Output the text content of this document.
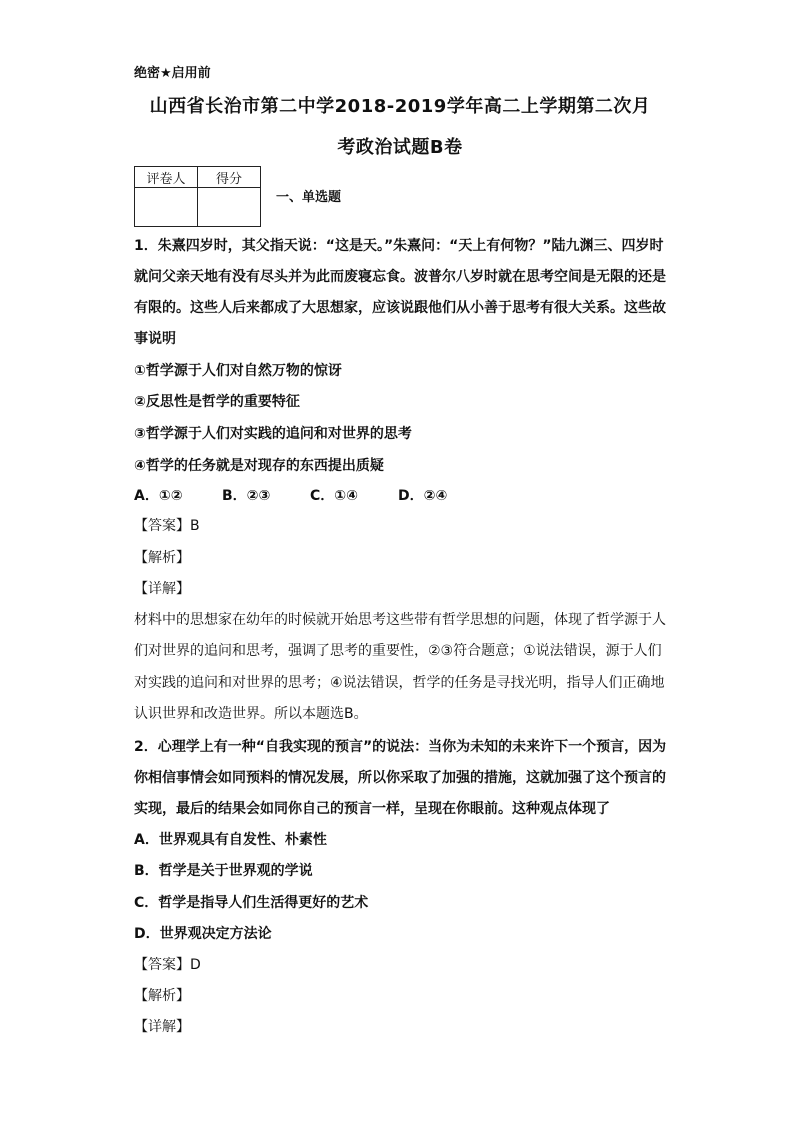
绝密★启用前
山西省长治市第二中学2018-2019学年高二上学期第二次月
考政治试题B卷
评卷人	得分

一、单选题
1．朱熹四岁时，其父指天说：“这是天。”朱熹问：“天上有何物？”陆九渊三、四岁时
就问父亲天地有没有尽头并为此而废寝忘食。波普尔八岁时就在思考空间是无限的还是
有限的。这些人后来都成了大思想家，应该说跟他们从小善于思考有很大关系。这些故
事说明
①哲学源于人们对自然万物的惊讶
②反思性是哲学的重要特征
③哲学源于人们对实践的追问和对世界的思考
④哲学的任务就是对现存的东西提出质疑
A．①②	B．②③	C．①④	D．②④
【答案】B
【解析】
【详解】
材料中的思想家在幼年的时候就开始思考这些带有哲学思想的问题，体现了哲学源于人
们对世界的追问和思考，强调了思考的重要性，②③符合题意；①说法错误，源于人们
对实践的追问和对世界的思考；④说法错误，哲学的任务是寻找光明，指导人们正确地
认识世界和改造世界。所以本题选B。
2．心理学上有一种“自我实现的预言”的说法：当你为未知的未来许下一个预言，因为
你相信事情会如同预料的情况发展，所以你采取了加强的措施，这就加强了这个预言的
实现，最后的结果会如同你自己的预言一样，呈现在你眼前。这种观点体现了
A．世界观具有自发性、朴素性
B．哲学是关于世界观的学说
C．哲学是指导人们生活得更好的艺术
D．世界观决定方法论
【答案】D
【解析】
【详解】
